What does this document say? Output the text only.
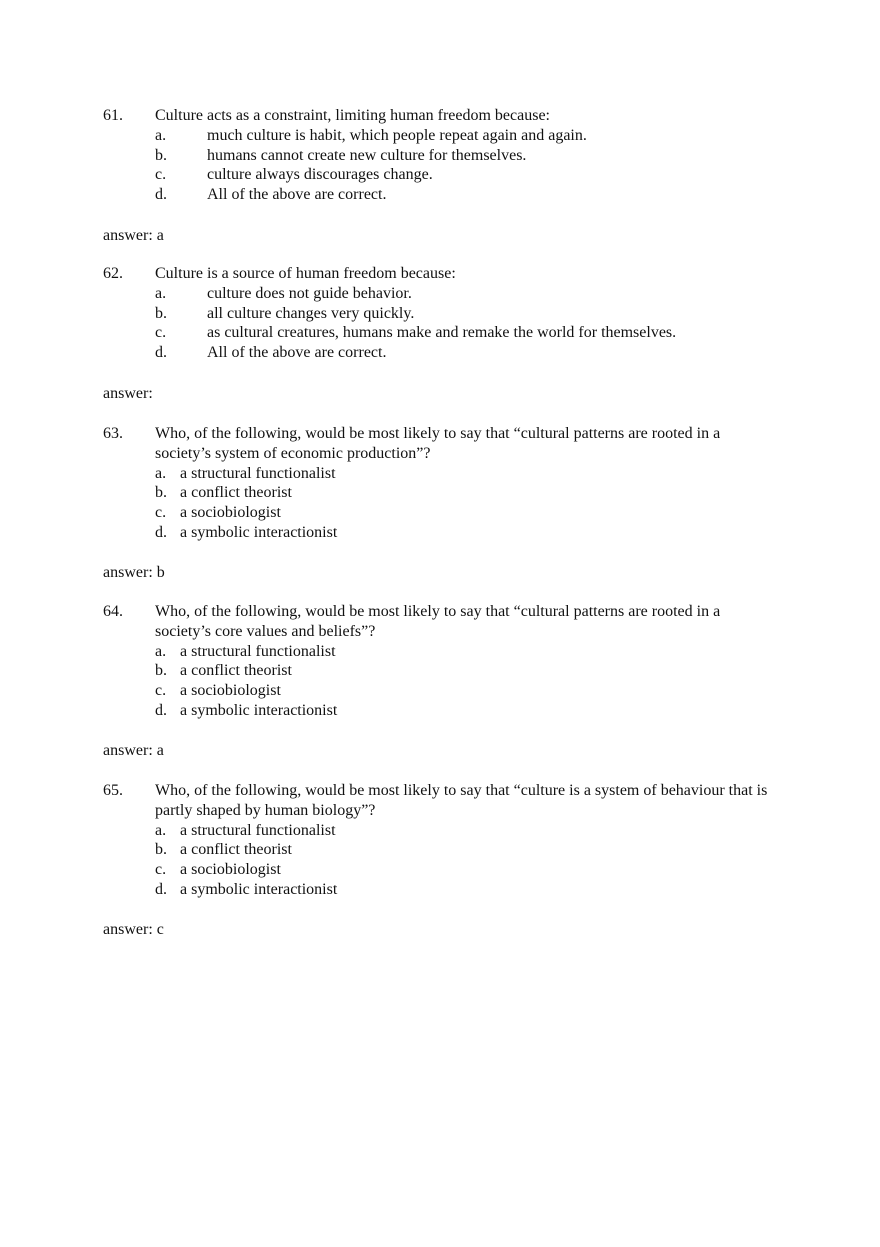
61. Culture acts as a constraint, limiting human freedom because:
a.	much culture is habit, which people repeat again and again.
b.	humans cannot create new culture for themselves.
c.	culture always discourages change.
d.	All of the above are correct.
answer: a
62. Culture is a source of human freedom because:
a.	culture does not guide behavior.
b.	all culture changes very quickly.
c.	as cultural creatures, humans make and remake the world for themselves.
d.	All of the above are correct.
answer:
63. Who, of the following, would be most likely to say that “cultural patterns are rooted in a society’s system of economic production”?
a. a structural functionalist
b. a conflict theorist
c. a sociobiologist
d. a symbolic interactionist
answer: b
64. Who, of the following, would be most likely to say that “cultural patterns are rooted in a society’s core values and beliefs”?
a. a structural functionalist
b. a conflict theorist
c. a sociobiologist
d. a symbolic interactionist
answer: a
65. Who, of the following, would be most likely to say that “culture is a system of behaviour that is partly shaped by human biology”?
a. a structural functionalist
b. a conflict theorist
c. a sociobiologist
d. a symbolic interactionist
answer: c
